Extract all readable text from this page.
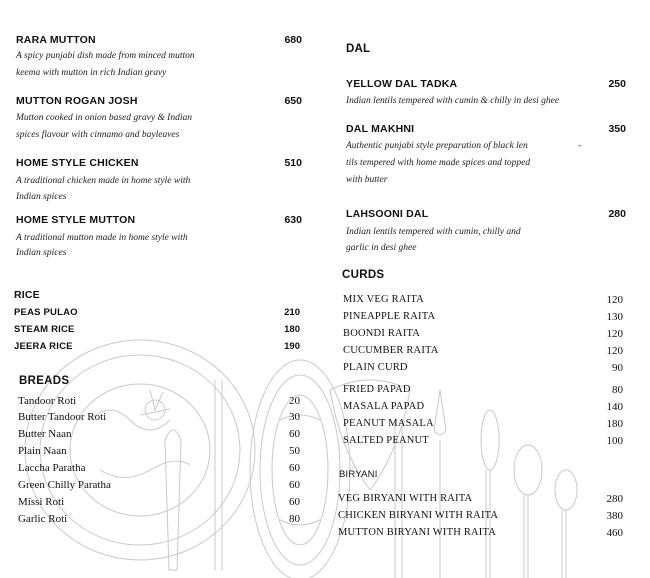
RARA MUTTON	680
A spicy punjabi dish made from minced mutton
keema with mutton in rich Indian gravy
MUTTON ROGAN JOSH	650
Mutton cooked in onion based gravy & Indian
spices flavour with cinnamo and bayleaves
HOME STYLE CHICKEN	510
A traditional chicken made in home style with
Indian spices
HOME STYLE MUTTON	630
A traditional mutton made in home style with
Indian spices
RICE
PEAS PULAO	210
STEAM RICE	180
JEERA RICE	190
BREADS
Tandoor Roti	20
Butter Tandoor Roti	30
Butter Naan	60
Plain Naan	50
Laccha Paratha	60
Green Chilly Paratha	60
Missi Roti	60
Garlic Roti	80
DAL
YELLOW DAL TADKA	250
Indian lentils tempered with cumin & chilly in desi ghee
DAL MAKHNI	350
Authentic punjabi style preparation of black len	-
tils tempered with home made spices and topped
with butter
LAHSOONI DAL	280
Indian lentils tempered with cumin, chilly and
garlic in desi ghee
CURDS
MIX VEG RAITA	120
PINEAPPLE RAITA	130
BOONDI RAITA	120
CUCUMBER RAITA	120
PLAIN CURD	90
FRIED PAPAD	80
MASALA PAPAD	140
PEANUT MASALA	180
SALTED PEANUT	100
BIRYANI
VEG BIRYANI WITH RAITA	280
CHICKEN BIRYANI WITH RAITA	380
MUTTON BIRYANI WITH RAITA	460
